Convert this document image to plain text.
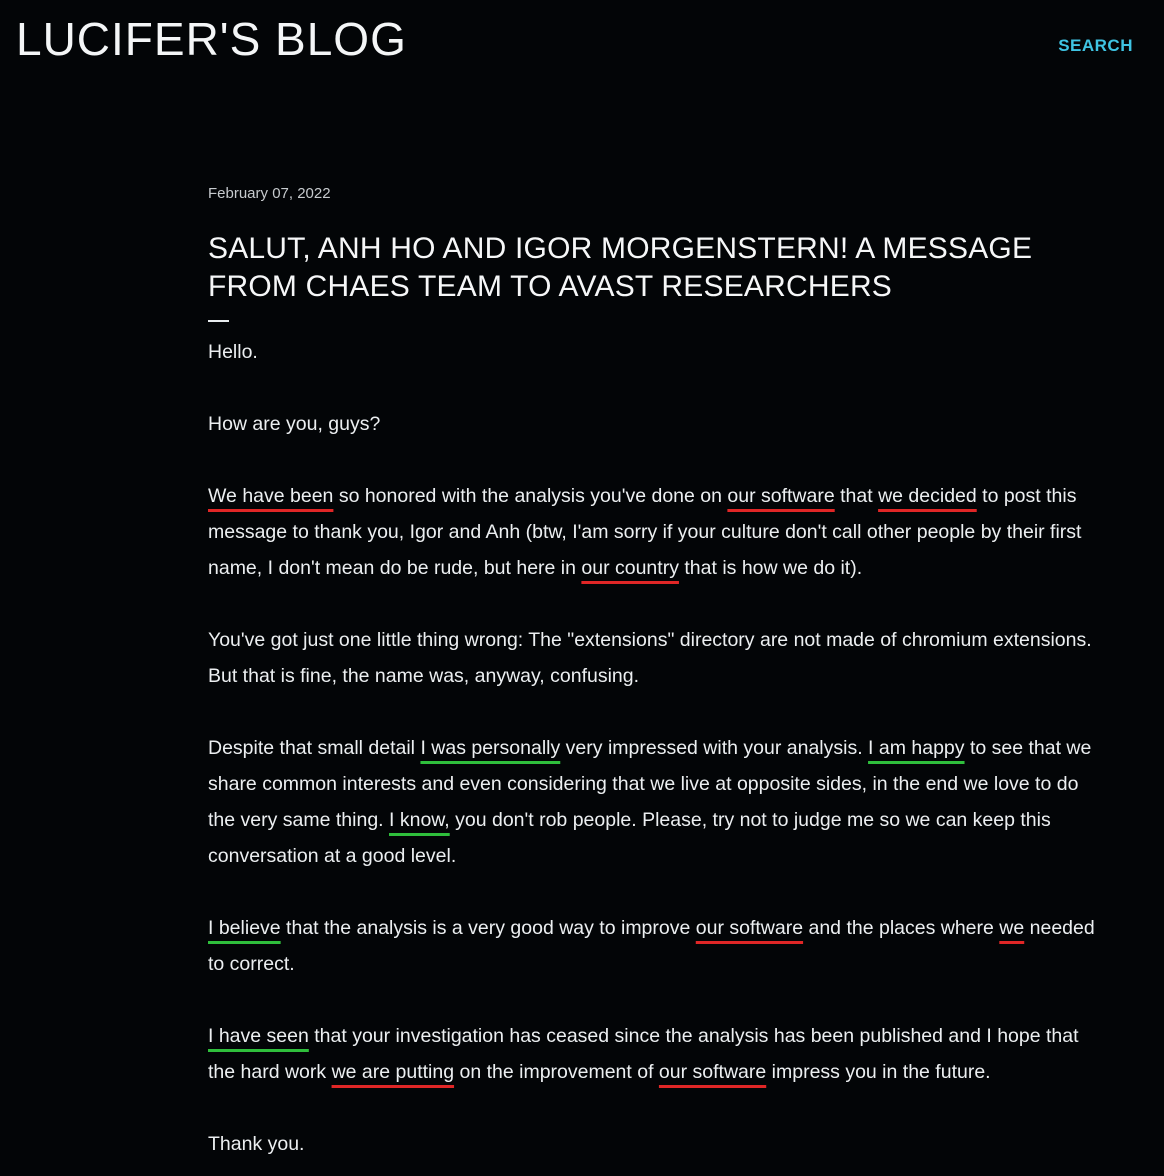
LUCIFER'S BLOG	SEARCH
February 07, 2022
SALUT, ANH HO AND IGOR MORGENSTERN! A MESSAGE FROM CHAES TEAM TO AVAST RESEARCHERS

Hello.

How are you, guys?

We have been so honored with the analysis you've done on our software that we decided to post this message to thank you, Igor and Anh (btw, I'am sorry if your culture don't call other people by their first name, I don't mean do be rude, but here in our country that is how we do it).

You've got just one little thing wrong: The "extensions" directory are not made of chromium extensions. But that is fine, the name was, anyway, confusing.

Despite that small detail I was personally very impressed with your analysis. I am happy to see that we share common interests and even considering that we live at opposite sides, in the end we love to do the very same thing. I know, you don't rob people. Please, try not to judge me so we can keep this conversation at a good level.

I believe that the analysis is a very good way to improve our software and the places where we needed to correct.

I have seen that your investigation has ceased since the analysis has been published and I hope that the hard work we are putting on the improvement of our software impress you in the future.

Thank you.
